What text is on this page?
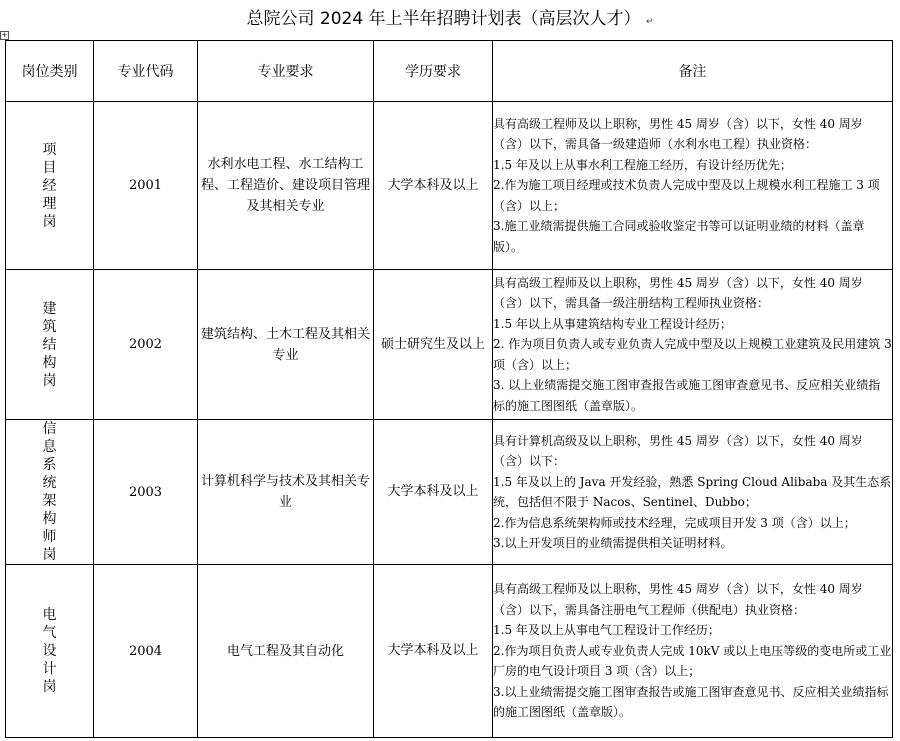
总院公司 2024 年上半年招聘计划表（高层次人才） ↵
+
岗位类别	专业代码	专业要求	学历要求	备注
项目经理岗	2001	水利水电工程、水工结构工程、工程造价、建设项目管理及其相关专业	大学本科及以上	具有高级工程师及以上职称，男性 45 周岁（含）以下，女性 40 周岁（含）以下，需具备一级建造师（水利水电工程）执业资格：

1.5 年及以上从事水利工程施工经历，有设计经历优先；

2.作为施工项目经理或技术负责人完成中型及以上规模水利工程施工 3 项（含）以上；

3.施工业绩需提供施工合同或验收鉴定书等可以证明业绩的材料（盖章版）。

建筑结构岗	2002	建筑结构、土木工程及其相关专业	硕士研究生及以上	具有高级工程师及以上职称，男性 45 周岁（含）以下，女性 40 周岁（含）以下，需具备一级注册结构工程师执业资格：

1.5 年以上从事建筑结构专业工程设计经历；

2. 作为项目负责人或专业负责人完成中型及以上规模工业建筑及民用建筑 3 项（含）以上；

3. 以上业绩需提交施工图审查报告或施工图审查意见书、反应相关业绩指标的施工图图纸（盖章版）。

信息系统架构师岗	2003	计算机科学与技术及其相关专业	大学本科及以上	具有计算机高级及以上职称，男性 45 周岁（含）以下，女性 40 周岁（含）以下：

1.5 年及以上的 Java 开发经验，熟悉 Spring Cloud Alibaba 及其生态系统，包括但不限于 Nacos、Sentinel、Dubbo；

2.作为信息系统架构师或技术经理，完成项目开发 3 项（含）以上；

3.以上开发项目的业绩需提供相关证明材料。

电气设计岗	2004	电气工程及其自动化	大学本科及以上	具有高级工程师及以上职称，男性 45 周岁（含）以下，女性 40 周岁（含）以下，需具备注册电气工程师（供配电）执业资格：

1.5 年及以上从事电气工程设计工作经历；

2.作为项目负责人或专业负责人完成 10kV 或以上电压等级的变电所或工业厂房的电气设计项目 3 项（含）以上；

3.以上业绩需提交施工图审查报告或施工图审查意见书、反应相关业绩指标的施工图图纸（盖章版）。
